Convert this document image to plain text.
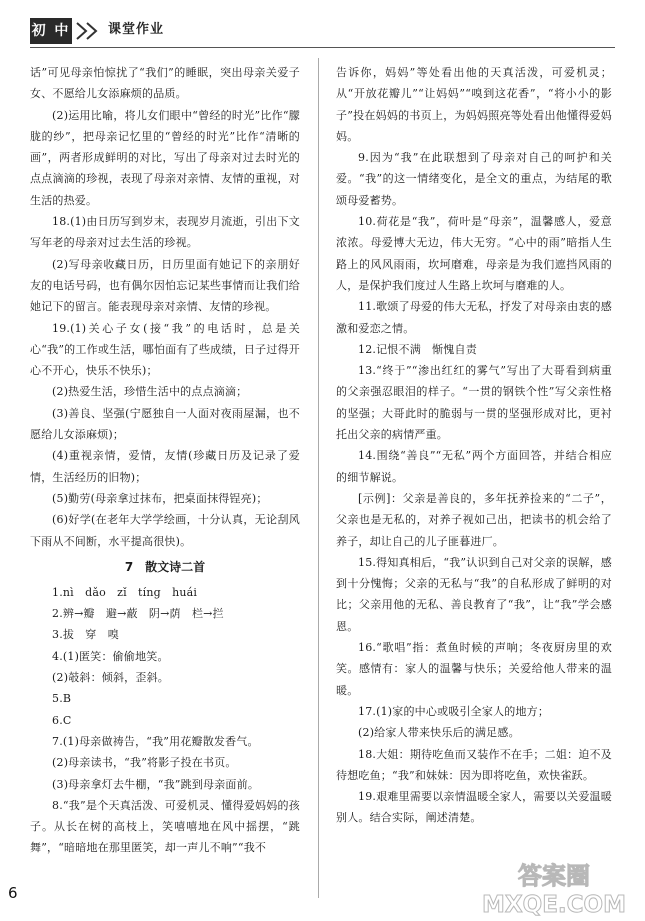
初 中	课堂作业

话”可见母亲怕惊扰了“我们”的睡眠，突出母亲关爱子女、不愿给儿女添麻烦的品质。

(2)运用比喻，将儿女们眼中“曾经的时光”比作“朦胧的纱”，把母亲记忆里的“曾经的时光”比作“清晰的画”，两者形成鲜明的对比，写出了母亲对过去时光的点点滴滴的珍视，表现了母亲对亲情、友情的重视，对生活的热爱。

18.(1)由日历写到岁末，表现岁月流逝，引出下文写年老的母亲对过去生活的珍视。

(2)写母亲收藏日历，日历里面有她记下的亲朋好友的电话号码，也有偶尔因怕忘记某些事情而让我们给她记下的留言。能表现母亲对亲情、友情的珍视。

19.(1)关心子女(接“我”的电话时，总是关心“我”的工作或生活，哪怕面有了些成绩，日子过得开心不开心，快乐不快乐)；

(2)热爱生活，珍惜生活中的点点滴滴；

(3)善良、坚强(宁愿独自一人面对夜雨屋漏，也不愿给儿女添麻烦)；

(4)重视亲情，爱情，友情(珍藏日历及记录了爱情，生活经历的旧物)；

(5)勤劳(母亲拿过抹布，把桌面抹得锃亮)；

(6)好学(在老年大学学绘画，十分认真，无论刮风下雨从不间断，水平提高很快)。

7　散文诗二首

1.nì　dǎo　zǐ　tíng　huái

2.辨→瓣　避→蔽　阴→荫　栏→拦

3.拔　穿　嗅

4.(1)匿笑：偷偷地笑。

(2)攲斜：倾斜，歪斜。

5.B

6.C

7.(1)母亲做祷告，“我”用花瓣散发香气。

(2)母亲读书，“我”将影子投在书页。

(3)母亲拿灯去牛棚，“我”跳到母亲面前。

8.“我”是个天真活泼、可爱机灵、懂得爱妈妈的孩子。从长在树的高枝上，笑嘻嘻地在风中摇摆，“跳舞”，“暗暗地在那里匿笑，却一声儿不响”“我不

告诉你，妈妈”等处看出他的天真活泼，可爱机灵；从“开放花瓣儿”“让妈妈”“嗅到这花香”，“将小小的影子”投在妈妈的书页上，为妈妈照亮等处看出他懂得爱妈妈。

9.因为“我”在此联想到了母亲对自己的呵护和关爱。“我”的这一情绪变化，是全文的重点，为结尾的歌颂母爱蓄势。

10.荷花是“我”，荷叶是“母亲”，温馨感人，爱意浓浓。母爱博大无边，伟大无穷。“心中的雨”暗指人生路上的风风雨雨，坎坷磨难，母亲是为我们遮挡风雨的人，是保护我们度过人生路上坎坷与磨难的人。

11.歌颂了母爱的伟大无私，抒发了对母亲由衷的感激和爱恋之情。

12.记恨不满　惭愧自责

13.“终于”“渗出红红的雾气”写出了大哥看到病重的父亲强忍眼泪的样子。“一贯的钢铁个性”写父亲性格的坚强；大哥此时的脆弱与一贯的坚强形成对比，更衬托出父亲的病情严重。

14.围绕“善良”“无私”两个方面回答，并结合相应的细节解说。

[示例]：父亲是善良的，多年抚养捡来的“二子”，父亲也是无私的，对养子视如己出，把读书的机会给了养子，却让自己的儿子匪暮进厂。

15.得知真相后，“我”认识到自己对父亲的误解，感到十分愧悔；父亲的无私与“我”的自私形成了鲜明的对比；父亲用他的无私、善良教育了“我”，让“我”学会感恩。

16.“歌唱”指：煮鱼时候的声响；冬夜厨房里的欢笑。感情有：家人的温馨与快乐；关爱给他人带来的温暖。

17.(1)家的中心或吸引全家人的地方；

(2)给家人带来快乐后的满足感。

18.大姐：期待吃鱼而又装作不在手；二姐：迫不及待想吃鱼；“我”和妹妹：因为即将吃鱼，欢快雀跃。

19.艰难里需要以亲情温暖全家人，需要以关爱温暖别人。结合实际，阐述清楚。

6
答案圈
MXQE.COM
